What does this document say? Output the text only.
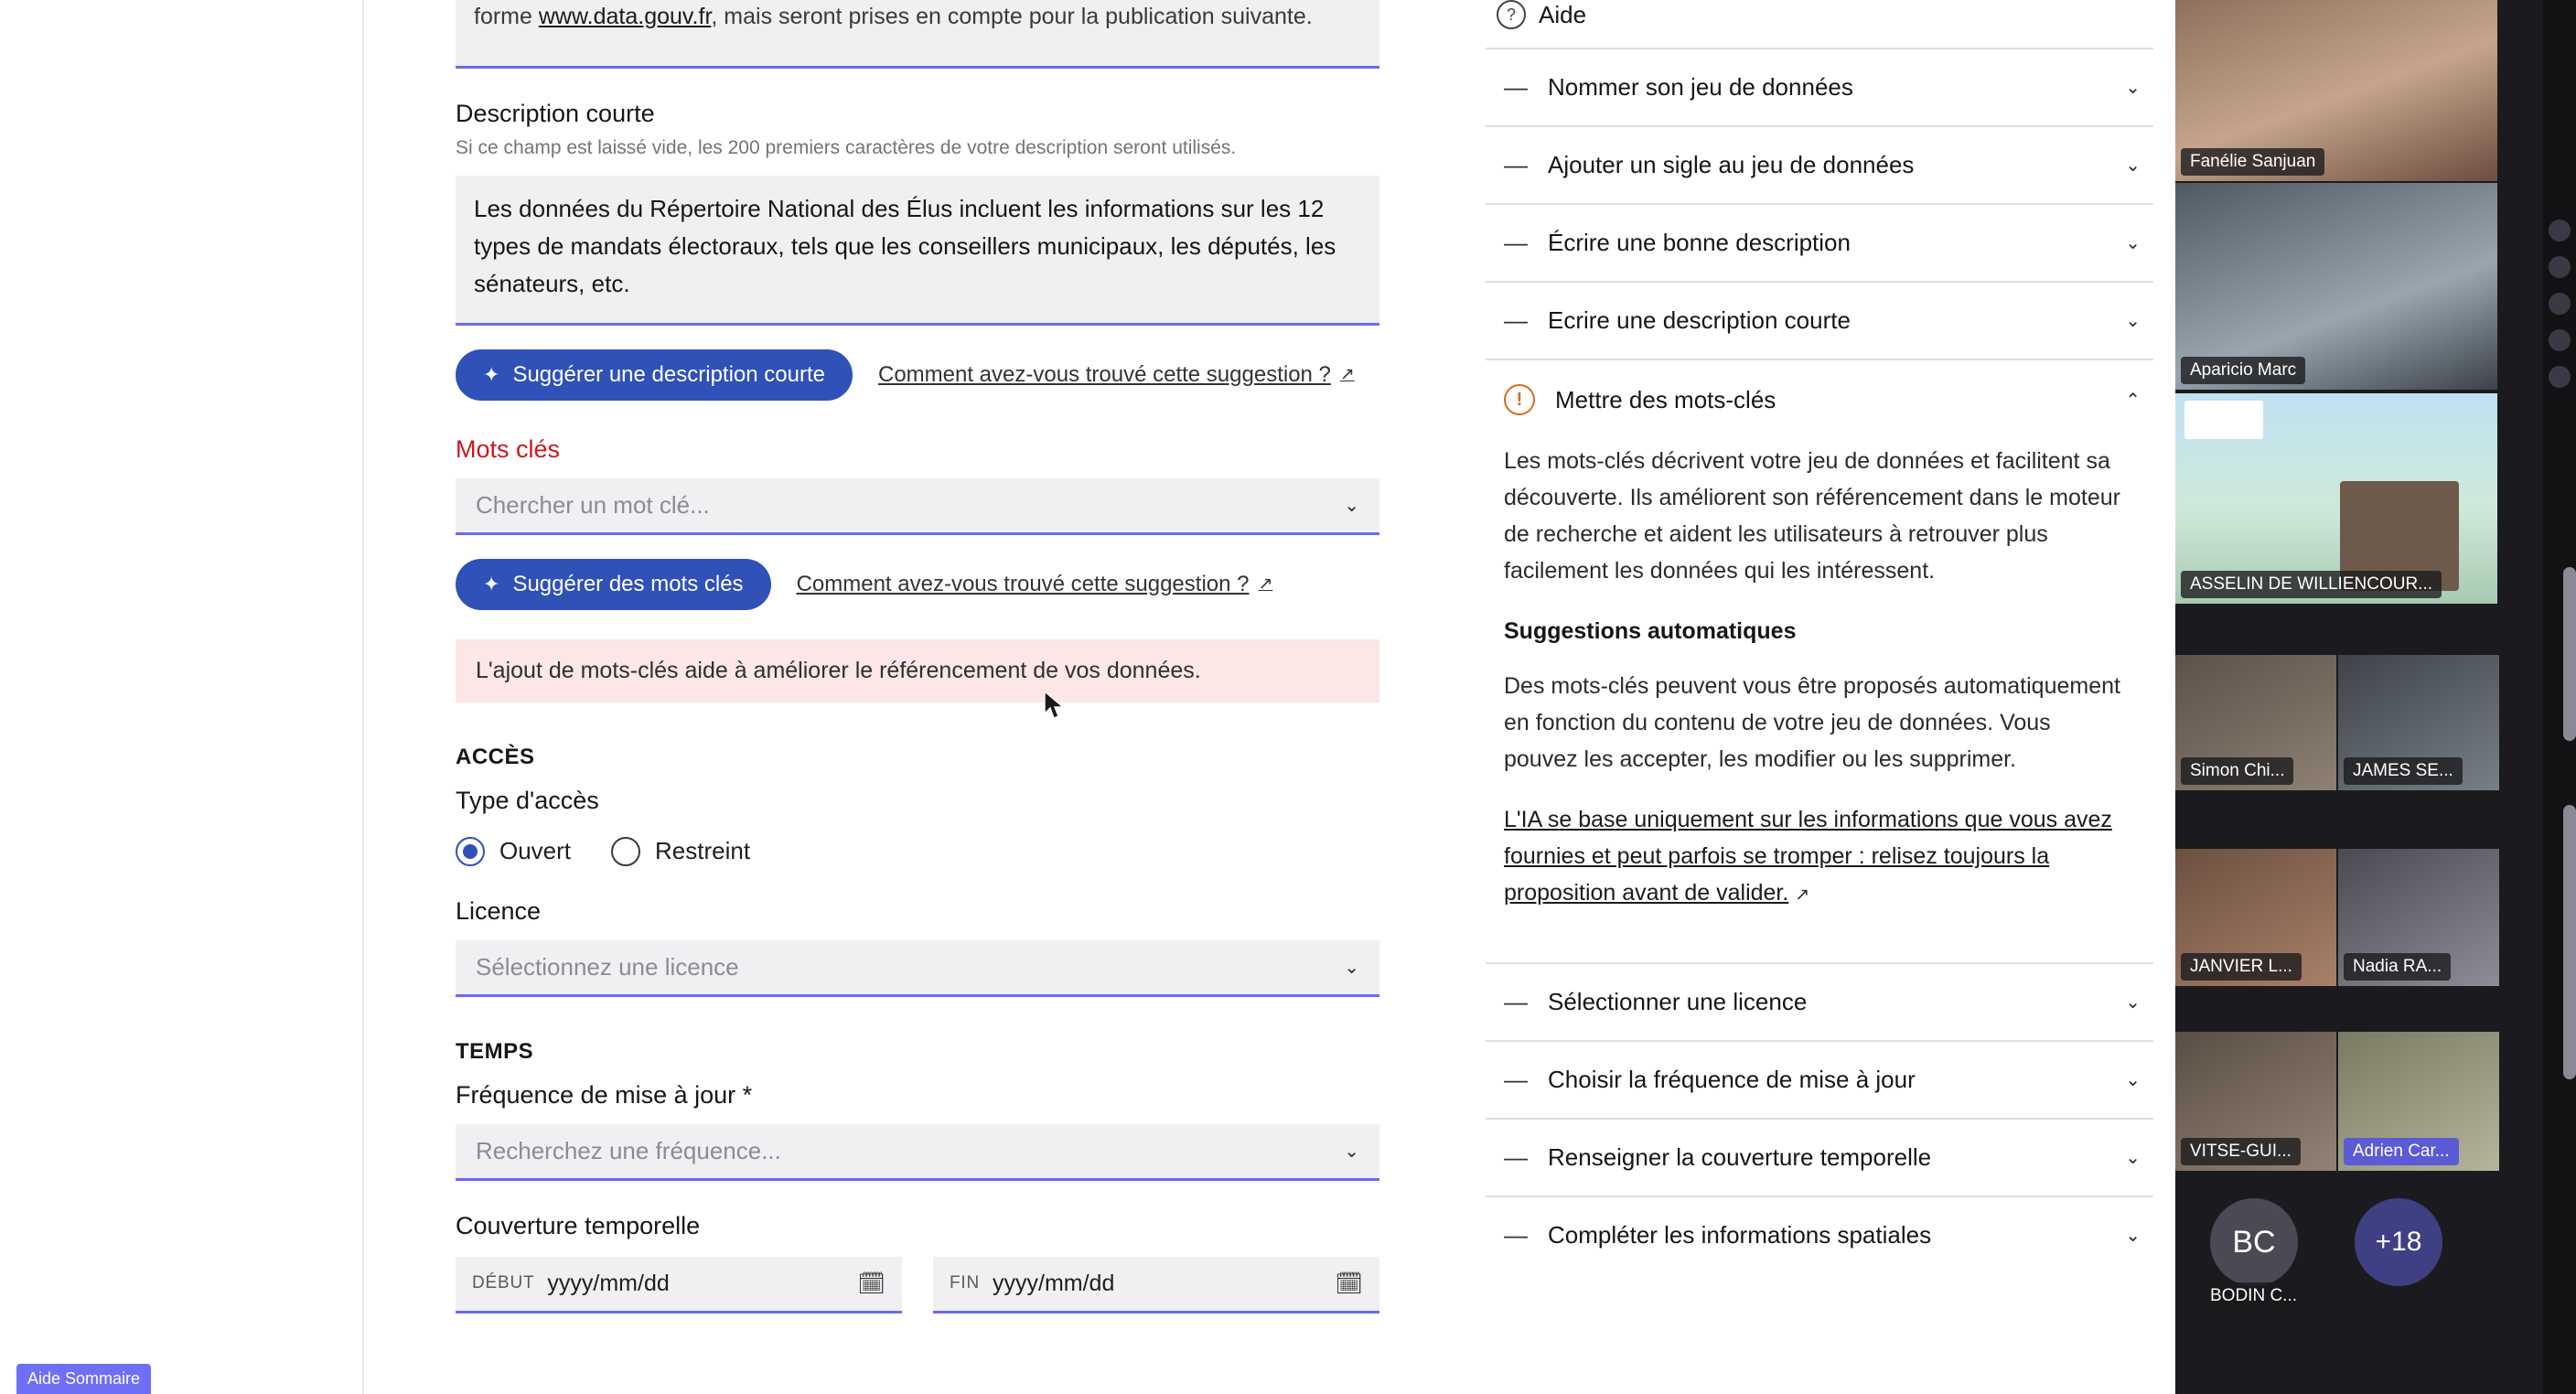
Aide Sommaire
forme www.data.gouv.fr, mais seront prises en compte pour la publication suivante.
Description courte
Si ce champ est laissé vide, les 200 premiers caractères de votre description seront utilisés.
Les données du Répertoire National des Élus incluent les informations sur les 12 types de mandats électoraux, tels que les conseillers municipaux, les députés, les sénateurs, etc.
✦ Suggérer une description courte Comment avez-vous trouvé cette suggestion ? ↗
Mots clés
Chercher un mot clé...	⌄
✦ Suggérer des mots clés Comment avez-vous trouvé cette suggestion ? ↗
L'ajout de mots-clés aide à améliorer le référencement de vos données.
ACCÈS
Type d'accès
Ouvert	Restreint
Licence
Sélectionnez une licence	⌄
TEMPS
Fréquence de mise à jour *
Recherchez une fréquence...	⌄
Couverture temporelle
DÉBUT yyyy/mm/dd	🗓	FIN yyyy/mm/dd	🗓
? Aide
— Nommer son jeu de données	⌄
— Ajouter un sigle au jeu de données	⌄
— Écrire une bonne description	⌄
— Ecrire une description courte	⌄
!	Mettre des mots-clés	⌃

Les mots-clés décrivent votre jeu de données et facilitent sa découverte. Ils améliorent son référencement dans le moteur de recherche et aident les utilisateurs à retrouver plus facilement les données qui les intéressent.

Suggestions automatiques

Des mots-clés peuvent vous être proposés automatiquement en fonction du contenu de votre jeu de données. Vous pouvez les accepter, les modifier ou les supprimer.

L'IA se base uniquement sur les informations que vous avez fournies et peut parfois se tromper : relisez toujours la proposition avant de valider. ↗

— Sélectionner une licence	⌄
— Choisir la fréquence de mise à jour	⌄
— Renseigner la couverture temporelle	⌄
— Compléter les informations spatiales	⌄
Fanélie Sanjuan
Aparicio Marc
ASSELIN DE WILLIENCOUR...
Simon Chi...	JAMES SE...
JANVIER L...	Nadia RA...
VITSE-GUI...	Adrien Car...
BC
BODIN C...
+18
